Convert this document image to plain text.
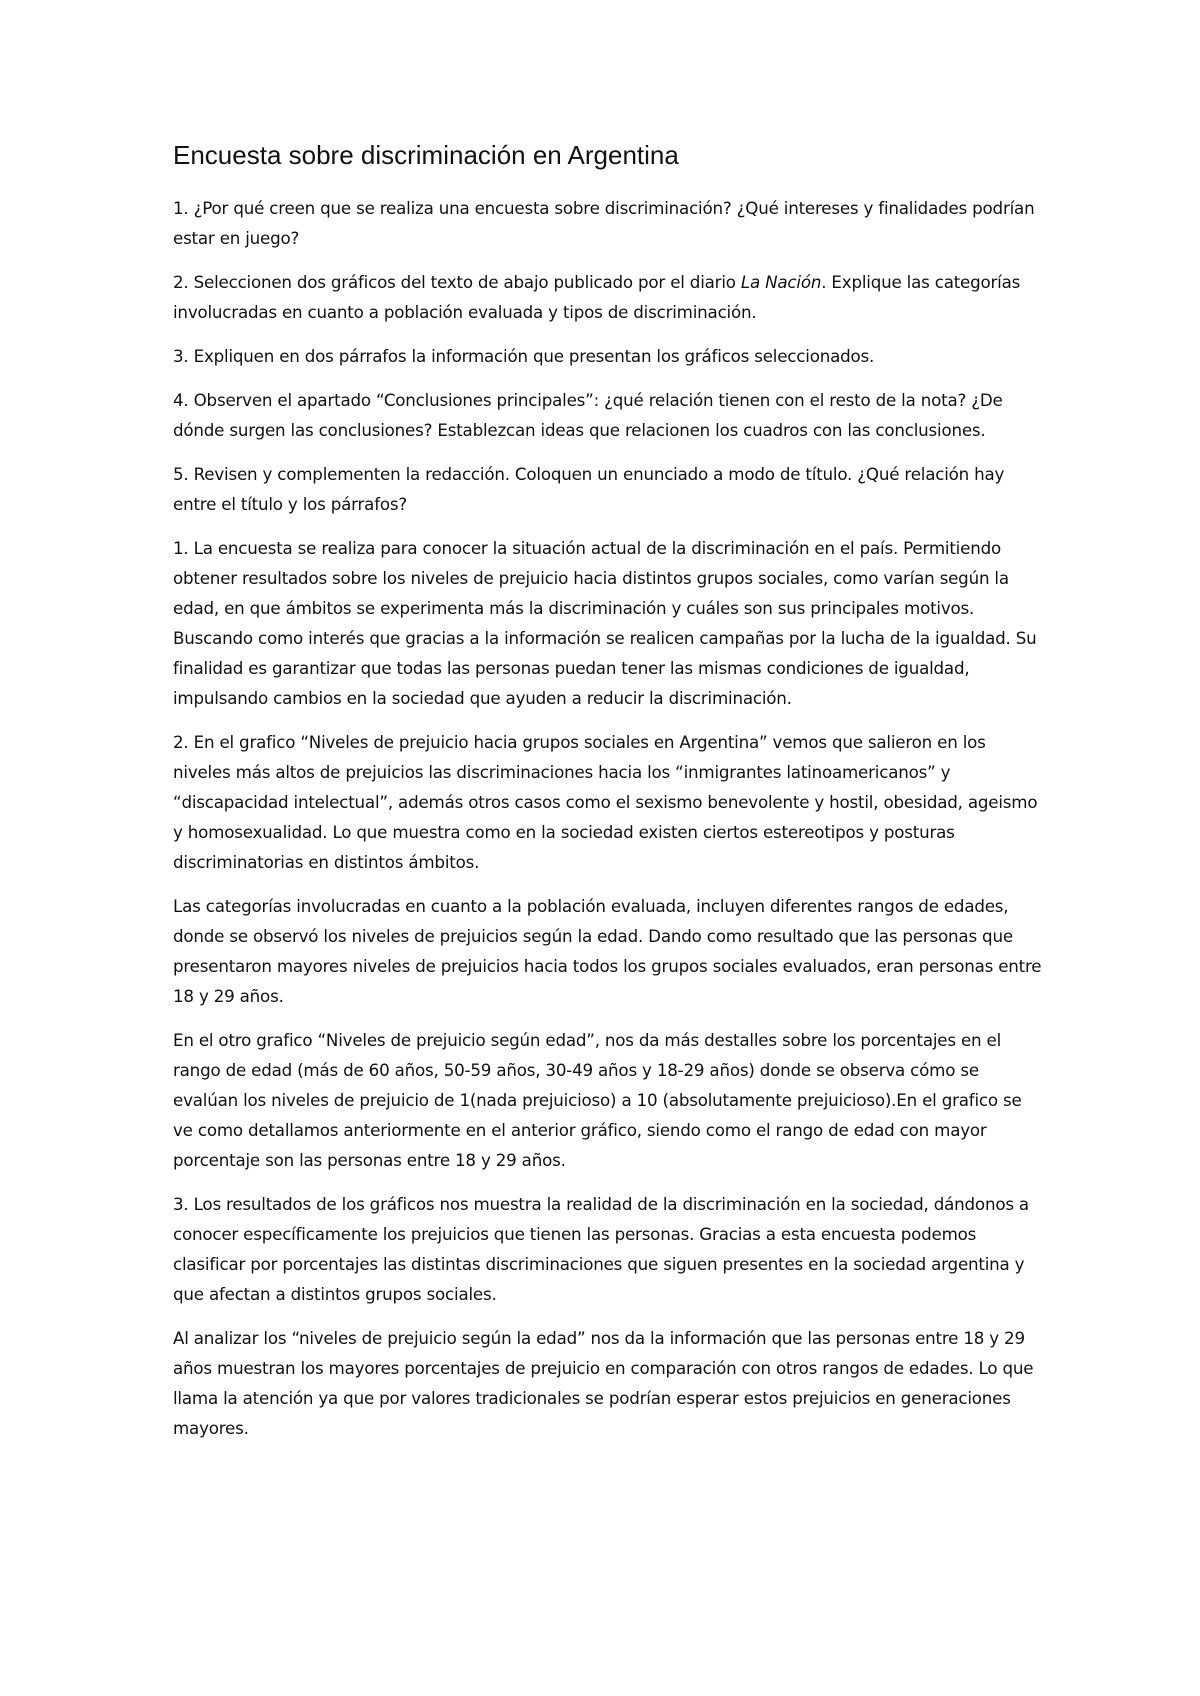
Encuesta sobre discriminación en Argentina

1. ¿Por qué creen que se realiza una encuesta sobre discriminación? ¿Qué intereses y finalidades podrían estar en juego?

2. Seleccionen dos gráficos del texto de abajo publicado por el diario La Nación. Explique las categorías involucradas en cuanto a población evaluada y tipos de discriminación.

3. Expliquen en dos párrafos la información que presentan los gráficos seleccionados.

4. Observen el apartado “Conclusiones principales”: ¿qué relación tienen con el resto de la nota? ¿De dónde surgen las conclusiones? Establezcan ideas que relacionen los cuadros con las conclusiones.

5. Revisen y complementen la redacción. Coloquen un enunciado a modo de título. ¿Qué relación hay entre el título y los párrafos?

1. La encuesta se realiza para conocer la situación actual de la discriminación en el país. Permitiendo obtener resultados sobre los niveles de prejuicio hacia distintos grupos sociales, como varían según la edad, en que ámbitos se experimenta más la discriminación y cuáles son sus principales motivos. Buscando como interés que gracias a la información se realicen campañas por la lucha de la igualdad. Su finalidad es garantizar que todas las personas puedan tener las mismas condiciones de igualdad, impulsando cambios en la sociedad que ayuden a reducir la discriminación.

2. En el grafico “Niveles de prejuicio hacia grupos sociales en Argentina” vemos que salieron en los niveles más altos de prejuicios las discriminaciones hacia los “inmigrantes latinoamericanos” y “discapacidad intelectual”, además otros casos como el sexismo benevolente y hostil, obesidad, ageismo y homosexualidad. Lo que muestra como en la sociedad existen ciertos estereotipos y posturas discriminatorias en distintos ámbitos.

Las categorías involucradas en cuanto a la población evaluada, incluyen diferentes rangos de edades, donde se observó los niveles de prejuicios según la edad. Dando como resultado que las personas que presentaron mayores niveles de prejuicios hacia todos los grupos sociales evaluados, eran personas entre 18 y 29 años.

En el otro grafico “Niveles de prejuicio según edad”, nos da más destalles sobre los porcentajes en el rango de edad (más de 60 años, 50-59 años, 30-49 años y 18-29 años) donde se observa cómo se evalúan los niveles de prejuicio de 1(nada prejuicioso) a 10 (absolutamente prejuicioso).En el grafico se ve como detallamos anteriormente en el anterior gráfico, siendo como el rango de edad con mayor porcentaje son las personas entre 18 y 29 años.

3. Los resultados de los gráficos nos muestra la realidad de la discriminación en la sociedad, dándonos a conocer específicamente los prejuicios que tienen las personas. Gracias a esta encuesta podemos clasificar por porcentajes las distintas discriminaciones que siguen presentes en la sociedad argentina y que afectan a distintos grupos sociales.

Al analizar los “niveles de prejuicio según la edad” nos da la información que las personas entre 18 y 29 años muestran los mayores porcentajes de prejuicio en comparación con otros rangos de edades. Lo que llama la atención ya que por valores tradicionales se podrían esperar estos prejuicios en generaciones mayores.
